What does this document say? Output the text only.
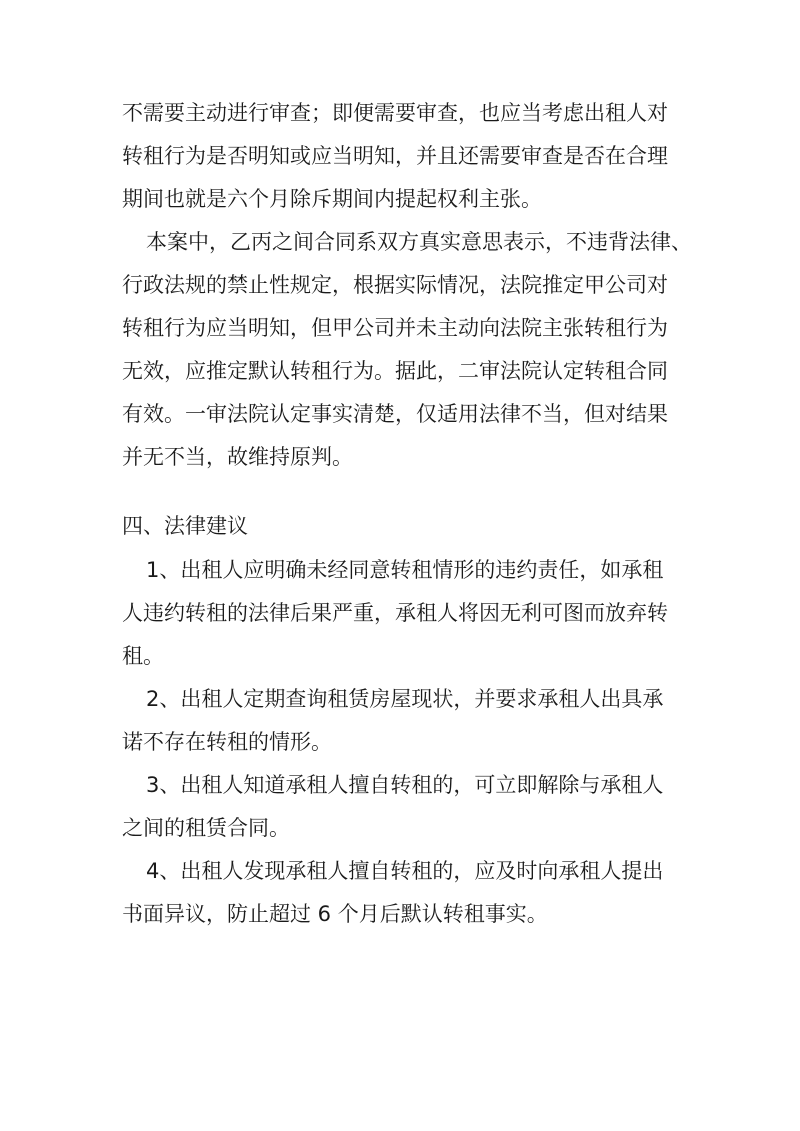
不需要主动进行审查；即便需要审查，也应当考虑出租人对
转租行为是否明知或应当明知，并且还需要审查是否在合理
期间也就是六个月除斥期间内提起权利主张。
本案中，乙丙之间合同系双方真实意思表示，不违背法律、
行政法规的禁止性规定，根据实际情况，法院推定甲公司对
转租行为应当明知，但甲公司并未主动向法院主张转租行为
无效，应推定默认转租行为。据此，二审法院认定转租合同
有效。一审法院认定事实清楚，仅适用法律不当，但对结果
并无不当，故维持原判。
四、法律建议
1、出租人应明确未经同意转租情形的违约责任，如承租
人违约转租的法律后果严重，承租人将因无利可图而放弃转
租。
2、出租人定期查询租赁房屋现状，并要求承租人出具承
诺不存在转租的情形。
3、出租人知道承租人擅自转租的，可立即解除与承租人
之间的租赁合同。
4、出租人发现承租人擅自转租的，应及时向承租人提出
书面异议，防止超过 6 个月后默认转租事实。
